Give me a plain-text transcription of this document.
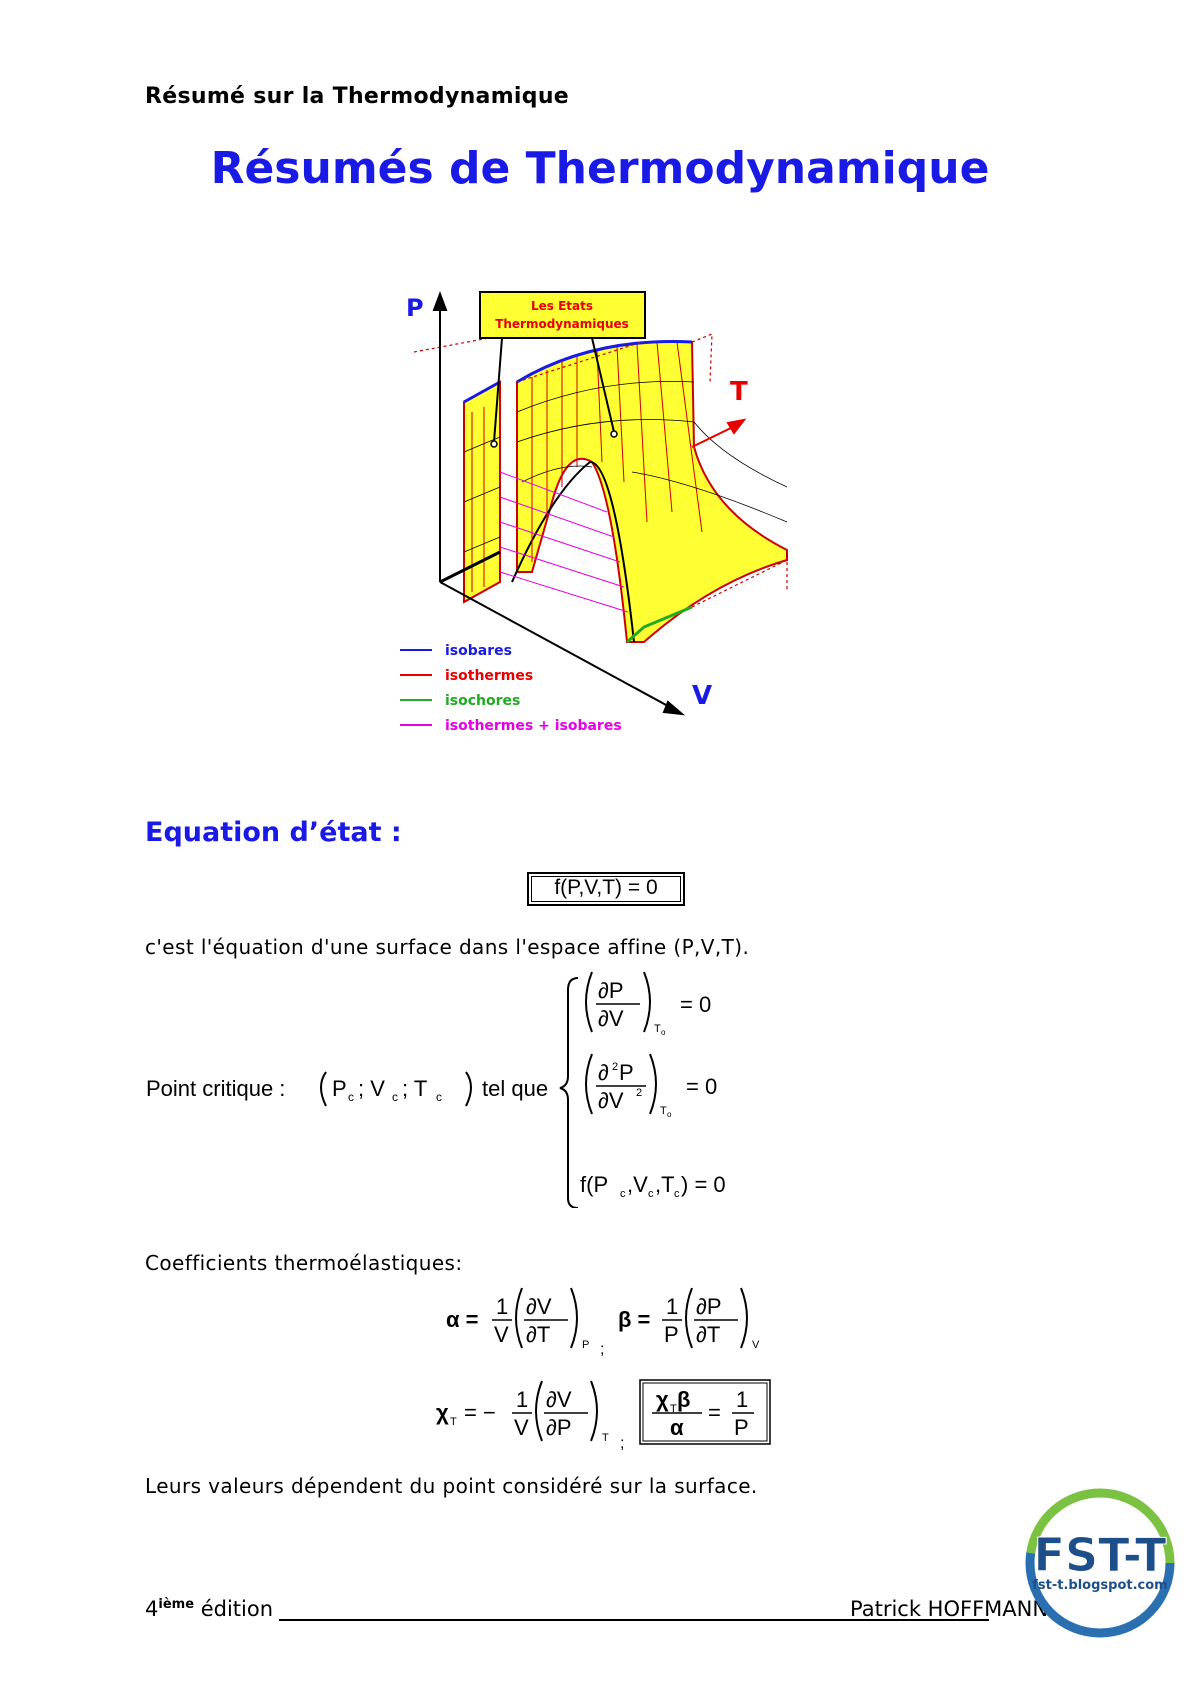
Résumé sur la Thermodynamique
Résumés de Thermodynamique
P
T
V
Les Etats
Thermodynamiques
isobares
isothermes
isochores
isothermes + isobares
Equation d’état :
f(P,V,T) = 0
c'est l'équation d'une surface dans l'espace affine (P,V,T).
Point critique : P c ; V c ; T c tel que
∂P
∂V	T o
= 0
∂ 2 P
∂V 2
T o
= 0
f(P c ,V c ,T c ) = 0
Coefficients thermoélastiques:
α =
1
V
∂V
∂T	P ;
β =
1
P
∂P
∂T	V
χ T = −
1
V
∂V
∂P	T ;
χ T β
α
=
1
P
Leurs valeurs dépendent du point considéré sur la surface.
4ième édition	Patrick HOFFMANN
FST-T
fst-t.blogspot.com
